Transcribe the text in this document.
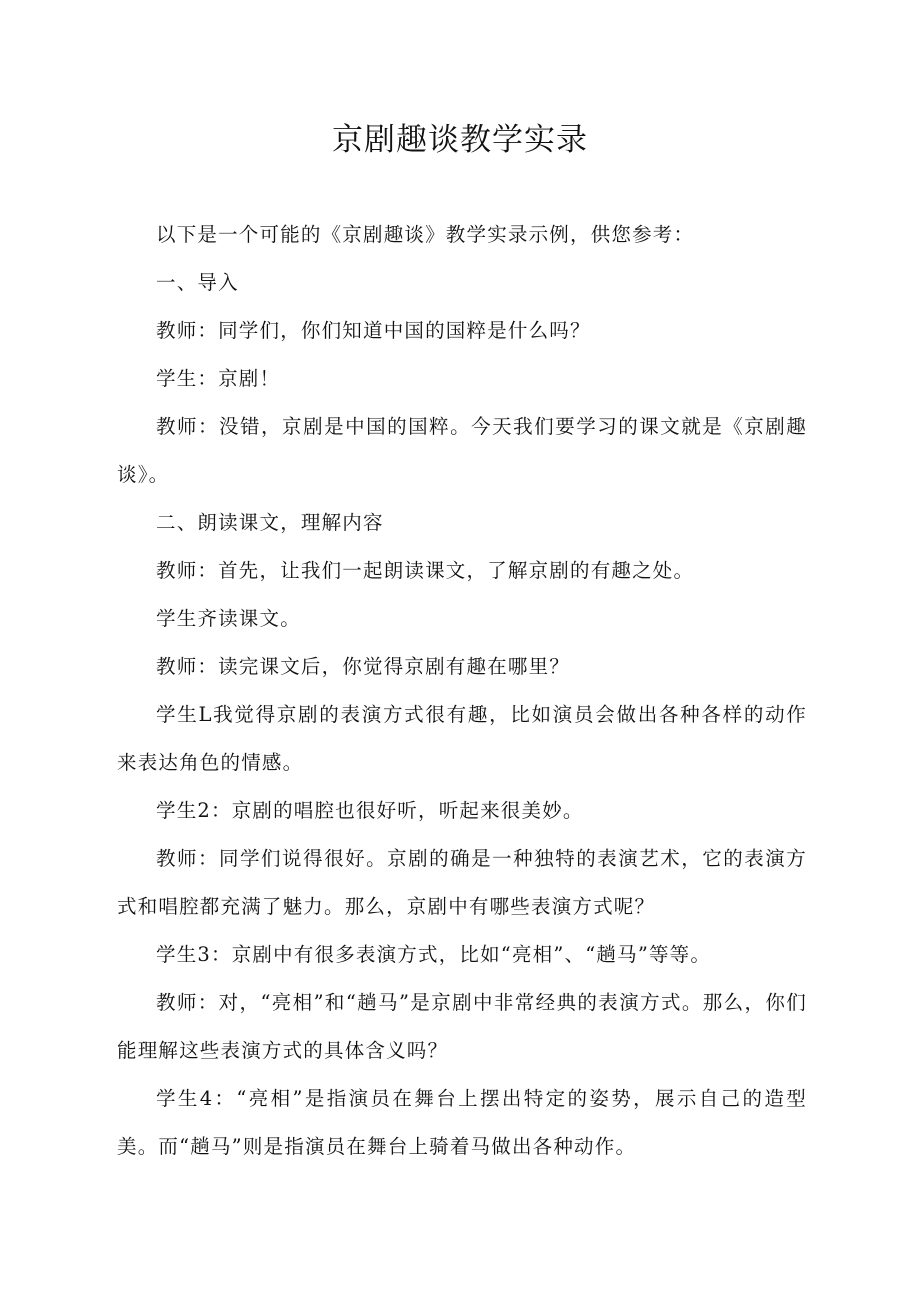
京剧趣谈教学实录

以下是一个可能的《京剧趣谈》教学实录示例，供您参考：

一、导入

教师：同学们，你们知道中国的国粹是什么吗？

学生：京剧！

教师：没错，京剧是中国的国粹。今天我们要学习的课文就是《京剧趣谈》。

二、朗读课文，理解内容

教师：首先，让我们一起朗读课文，了解京剧的有趣之处。

学生齐读课文。

教师：读完课文后，你觉得京剧有趣在哪里？

学生L我觉得京剧的表演方式很有趣，比如演员会做出各种各样的动作来表达角色的情感。

学生2：京剧的唱腔也很好听，听起来很美妙。

教师：同学们说得很好。京剧的确是一种独特的表演艺术，它的表演方式和唱腔都充满了魅力。那么，京剧中有哪些表演方式呢？

学生3：京剧中有很多表演方式，比如“亮相”、“趟马”等等。

教师：对，“亮相”和“趟马”是京剧中非常经典的表演方式。那么，你们能理解这些表演方式的具体含义吗？

学生4：“亮相”是指演员在舞台上摆出特定的姿势，展示自己的造型美。而“趟马”则是指演员在舞台上骑着马做出各种动作。
